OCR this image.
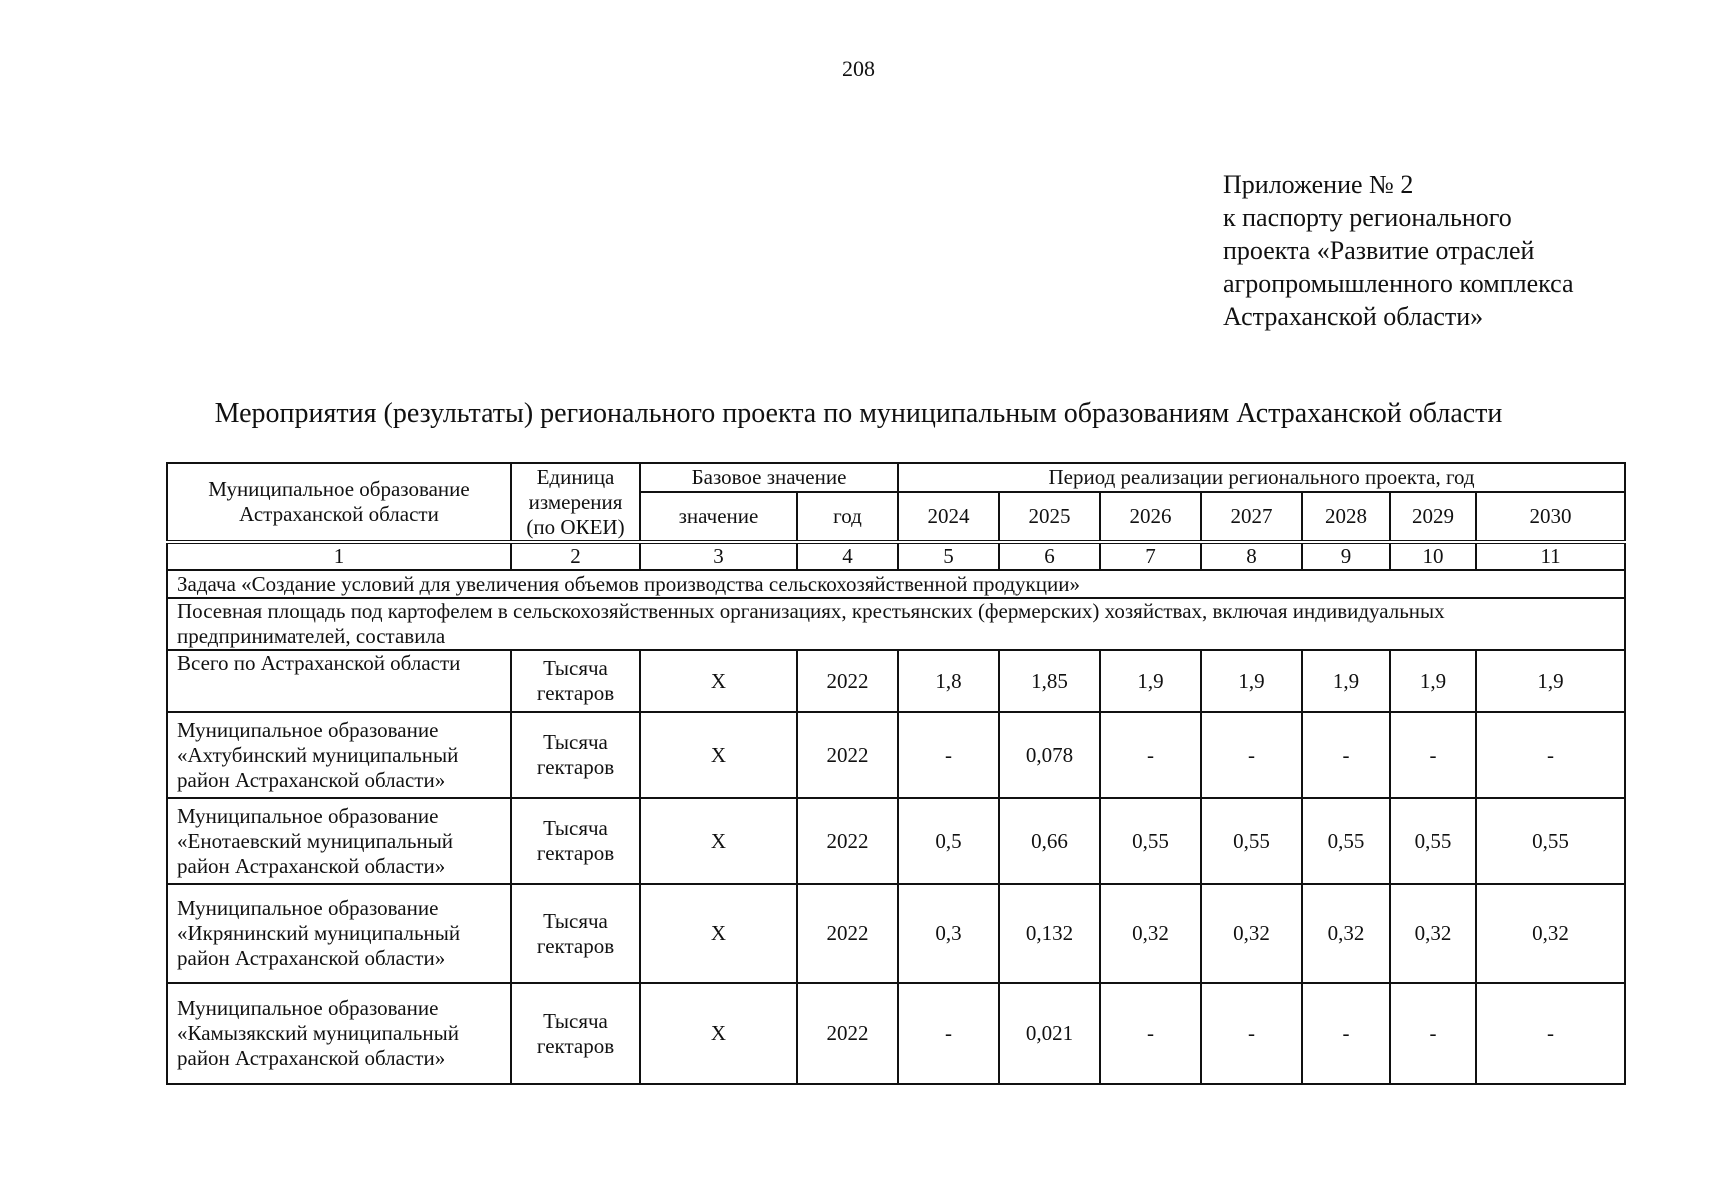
208
Приложение № 2
к паспорту регионального
проекта «Развитие отраслей
агропромышленного комплекса
Астраханской области»
Мероприятия (результаты) регионального проекта по муниципальным образованиям Астраханской области
Муниципальное образование Астраханской области	Единица измерения (по ОКЕИ)	Базовое значение		Период реализации регионального проекта, год						
		значение	год	2024	2025	2026	2027	2028	2029	2030
1	2	3	4	5	6	7	8	9	10	11
Задача «Создание условий для увеличения объемов производства сельскохозяйственной продукции»										
Посевная площадь под картофелем в сельскохозяйственных организациях, крестьянских (фермерских) хозяйствах, включая индивидуальных предпринимателей, составила										
Всего по Астраханской области	Тысяча гектаров	Х	2022	1,8	1,85	1,9	1,9	1,9	1,9	1,9
Муниципальное образование «Ахтубинский муниципальный район Астраханской области»	Тысяча гектаров	Х	2022	-	0,078	-	-	-	-	-
Муниципальное образование «Енотаевский муниципальный район Астраханской области»	Тысяча гектаров	Х	2022	0,5	0,66	0,55	0,55	0,55	0,55	0,55
Муниципальное образование «Икрянинский муниципальный район Астраханской области»	Тысяча гектаров	Х	2022	0,3	0,132	0,32	0,32	0,32	0,32	0,32
Муниципальное образование «Камызякский муниципальный район Астраханской области»	Тысяча гектаров	Х	2022	-	0,021	-	-	-	-	-
